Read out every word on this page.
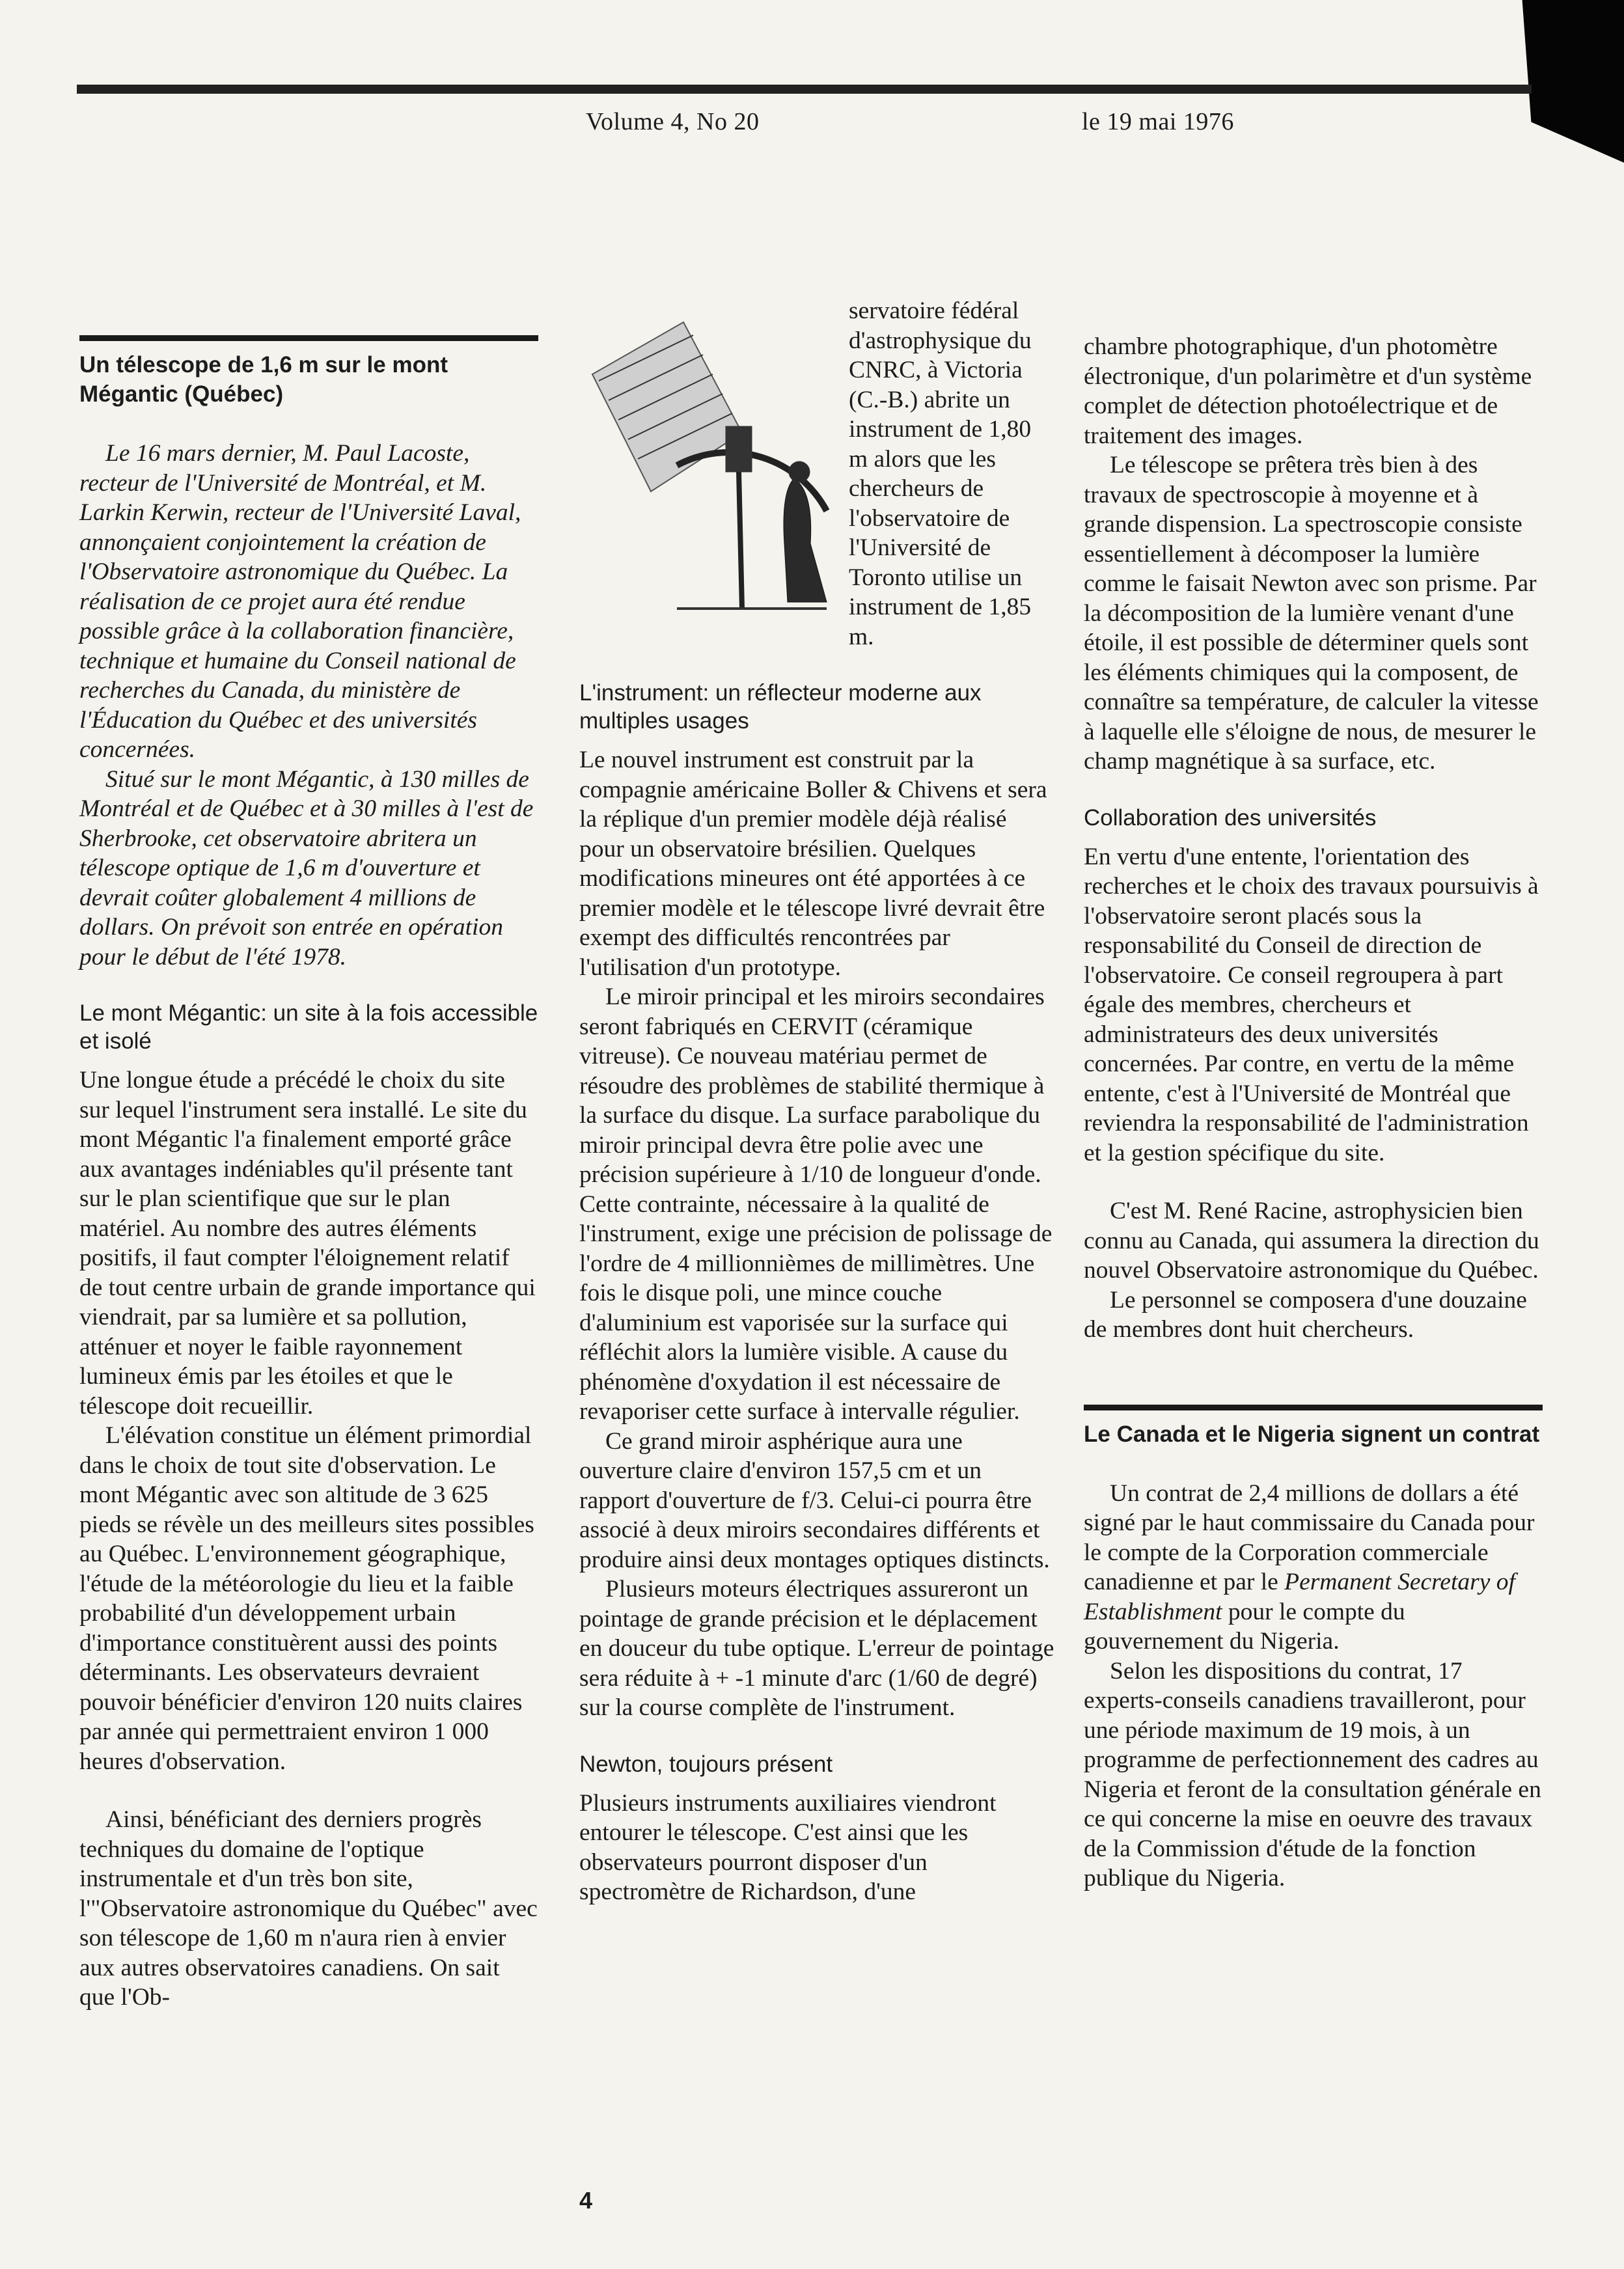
Volume 4, No 20	le 19 mai 1976
Un télescope de 1,6 m sur le mont Mégantic (Québec)

Le 16 mars dernier, M. Paul Lacoste, recteur de l'Université de Montréal, et M. Larkin Kerwin, recteur de l'Université Laval, annonçaient conjointement la création de l'Observatoire astronomique du Québec. La réalisation de ce projet aura été rendue possible grâce à la collaboration financière, technique et humaine du Conseil national de recherches du Canada, du ministère de l'Éducation du Québec et des universités concernées.

Situé sur le mont Mégantic, à 130 milles de Montréal et de Québec et à 30 milles à l'est de Sherbrooke, cet observatoire abritera un télescope optique de 1,6 m d'ouverture et devrait coûter globalement 4 millions de dollars. On prévoit son entrée en opération pour le début de l'été 1978.

Le mont Mégantic: un site à la fois accessible et isolé

Une longue étude a précédé le choix du site sur lequel l'instrument sera installé. Le site du mont Mégantic l'a finalement emporté grâce aux avantages indéniables qu'il présente tant sur le plan scientifique que sur le plan matériel. Au nombre des autres éléments positifs, il faut compter l'éloignement relatif de tout centre urbain de grande importance qui viendrait, par sa lumière et sa pollution, atténuer et noyer le faible rayonnement lumineux émis par les étoiles et que le télescope doit recueillir.

L'élévation constitue un élément primordial dans le choix de tout site d'observation. Le mont Mégantic avec son altitude de 3 625 pieds se révèle un des meilleurs sites possibles au Québec. L'environnement géographique, l'étude de la météorologie du lieu et la faible probabilité d'un développement urbain d'importance constituèrent aussi des points déterminants. Les observateurs devraient pouvoir bénéficier d'environ 120 nuits claires par année qui permettraient environ 1 000 heures d'observation.

Ainsi, bénéficiant des derniers progrès techniques du domaine de l'optique instrumentale et d'un très bon site, l'"Observatoire astronomique du Québec" avec son télescope de 1,60 m n'aura rien à envier aux autres observatoires canadiens. On sait que l'Ob-

servatoire fédéral d'astrophysique du CNRC, à Victoria (C.-B.) abrite un instrument de 1,80 m alors que les chercheurs de l'observatoire de l'Université de Toronto utilise un instrument de 1,85 m.

L'instrument: un réflecteur moderne aux multiples usages

Le nouvel instrument est construit par la compagnie américaine Boller & Chivens et sera la réplique d'un premier modèle déjà réalisé pour un observatoire brésilien. Quelques modifications mineures ont été apportées à ce premier modèle et le télescope livré devrait être exempt des difficultés rencontrées par l'utilisation d'un prototype.

Le miroir principal et les miroirs secondaires seront fabriqués en CERVIT (céramique vitreuse). Ce nouveau matériau permet de résoudre des problèmes de stabilité thermique à la surface du disque. La surface parabolique du miroir principal devra être polie avec une précision supérieure à 1/10 de longueur d'onde. Cette contrainte, nécessaire à la qualité de l'instrument, exige une précision de polissage de l'ordre de 4 millionnièmes de millimètres. Une fois le disque poli, une mince couche d'aluminium est vaporisée sur la surface qui réfléchit alors la lumière visible. A cause du phénomène d'oxydation il est nécessaire de revaporiser cette surface à intervalle régulier.

Ce grand miroir asphérique aura une ouverture claire d'environ 157,5 cm et un rapport d'ouverture de f/3. Celui-ci pourra être associé à deux miroirs secondaires différents et produire ainsi deux montages optiques distincts.

Plusieurs moteurs électriques assureront un pointage de grande précision et le déplacement en douceur du tube optique. L'erreur de pointage sera réduite à + -1 minute d'arc (1/60 de degré) sur la course complète de l'instrument.

Newton, toujours présent

Plusieurs instruments auxiliaires viendront entourer le télescope. C'est ainsi que les observateurs pourront disposer d'un spectromètre de Richardson, d'une

chambre photographique, d'un photomètre électronique, d'un polarimètre et d'un système complet de détection photoélectrique et de traitement des images.

Le télescope se prêtera très bien à des travaux de spectroscopie à moyenne et à grande dispension. La spectroscopie consiste essentiellement à décomposer la lumière comme le faisait Newton avec son prisme. Par la décomposition de la lumière venant d'une étoile, il est possible de déterminer quels sont les éléments chimiques qui la composent, de connaître sa température, de calculer la vitesse à laquelle elle s'éloigne de nous, de mesurer le champ magnétique à sa surface, etc.

Collaboration des universités

En vertu d'une entente, l'orientation des recherches et le choix des travaux poursuivis à l'observatoire seront placés sous la responsabilité du Conseil de direction de l'observatoire. Ce conseil regroupera à part égale des membres, chercheurs et administrateurs des deux universités concernées. Par contre, en vertu de la même entente, c'est à l'Université de Montréal que reviendra la responsabilité de l'administration et la gestion spécifique du site.

C'est M. René Racine, astrophysicien bien connu au Canada, qui assumera la direction du nouvel Observatoire astronomique du Québec.

Le personnel se composera d'une douzaine de membres dont huit chercheurs.

Le Canada et le Nigeria signent un contrat

Un contrat de 2,4 millions de dollars a été signé par le haut commissaire du Canada pour le compte de la Corporation commerciale canadienne et par le Permanent Secretary of Establishment pour le compte du gouvernement du Nigeria.

Selon les dispositions du contrat, 17 experts-conseils canadiens travailleront, pour une période maximum de 19 mois, à un programme de perfectionnement des cadres au Nigeria et feront de la consultation générale en ce qui concerne la mise en oeuvre des travaux de la Commission d'étude de la fonction publique du Nigeria.

4
